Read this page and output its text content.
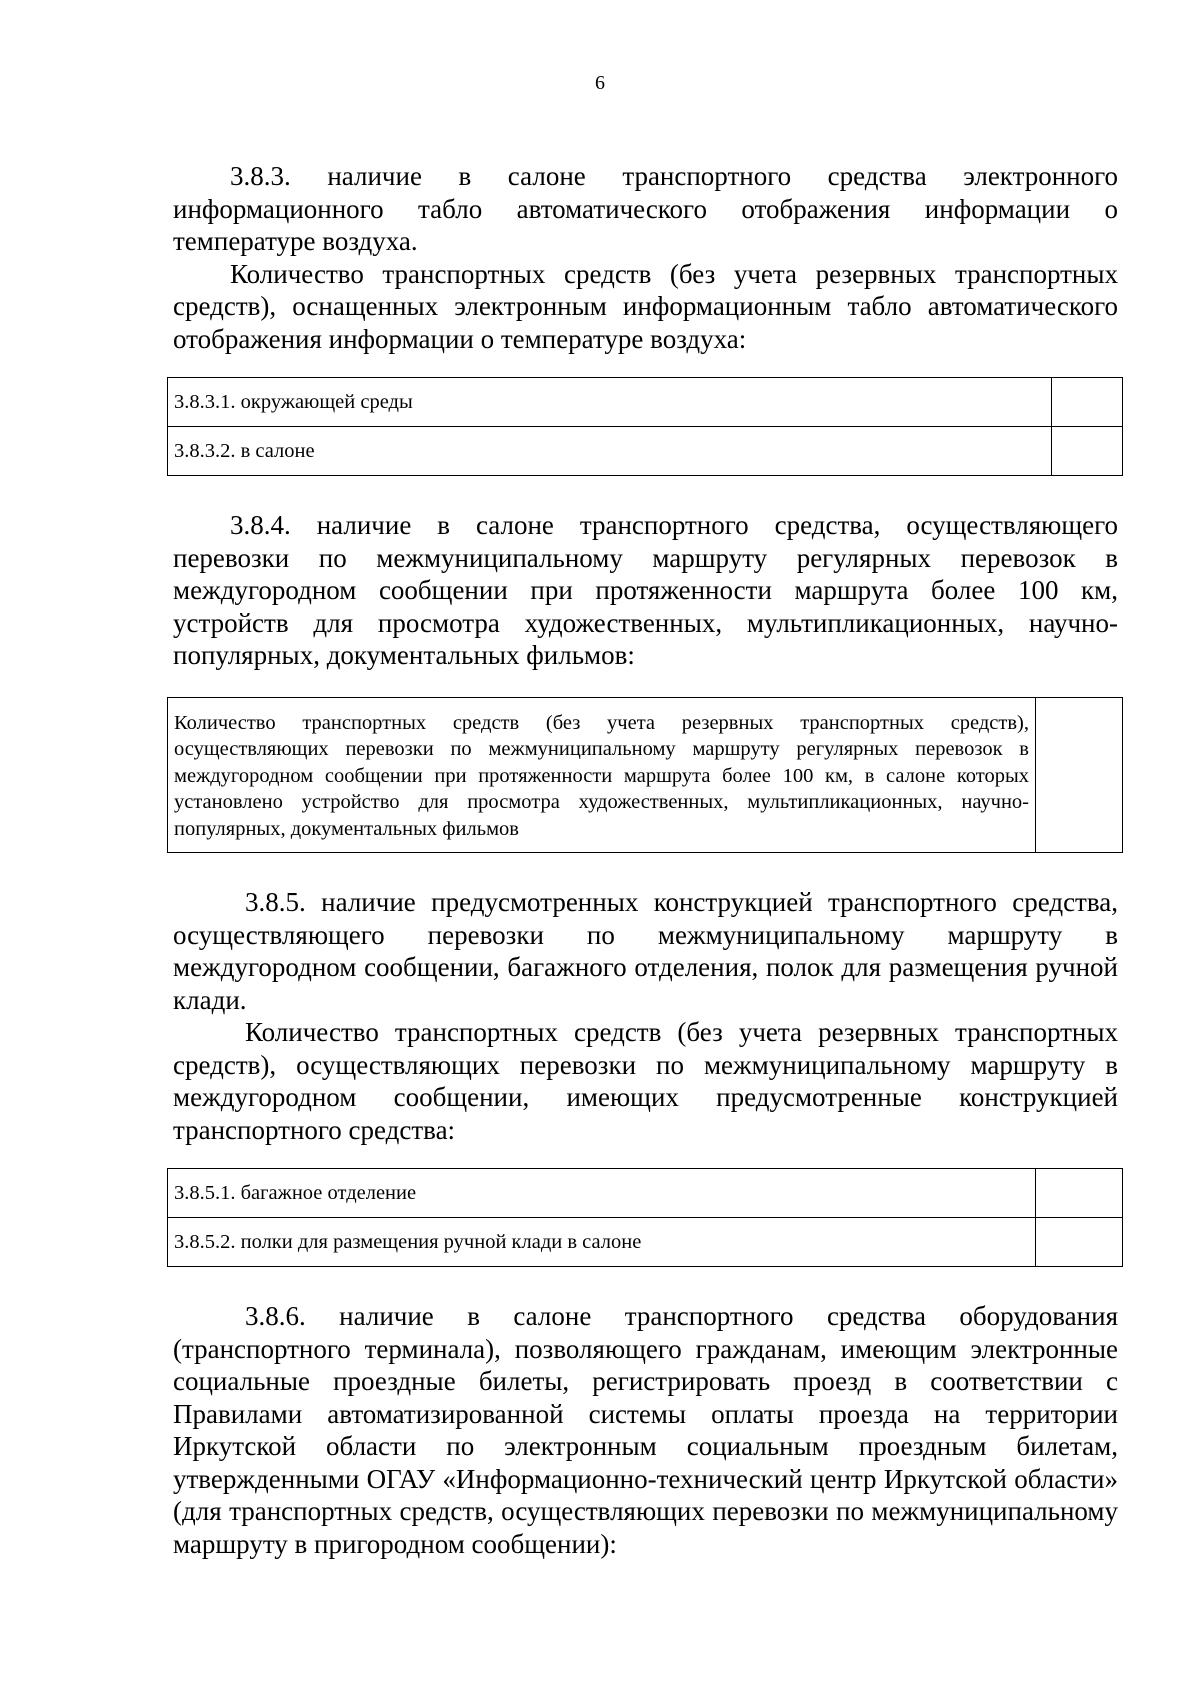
6

3.8.3. наличие в салоне транспортного средства электронного информационного табло автоматического отображения информации о температуре воздуха.

Количество транспортных средств (без учета резервных транспортных средств), оснащенных электронным информационным табло автоматического отображения информации о температуре воздуха:

3.8.3.1. окружающей среды	
3.8.3.2. в салоне	

3.8.4. наличие в салоне транспортного средства, осуществляющего перевозки по межмуниципальному маршруту регулярных перевозок в междугородном сообщении при протяженности маршрута более 100 км, устройств для просмотра художественных, мультипликационных, научно-популярных, документальных фильмов:

Количество транспортных средств (без учета резервных транспортных средств), осуществляющих перевозки по межмуниципальному маршруту регулярных перевозок в междугородном сообщении при протяженности маршрута более 100 км, в салоне которых установлено устройство для просмотра художественных, мультипликационных, научно-популярных, документальных фильмов	

3.8.5. наличие предусмотренных конструкцией транспортного средства, осуществляющего перевозки по межмуниципальному маршруту в междугородном сообщении, багажного отделения, полок для размещения ручной клади.

Количество транспортных средств (без учета резервных транспортных средств), осуществляющих перевозки по межмуниципальному маршруту в междугородном сообщении, имеющих предусмотренные конструкцией транспортного средства:

3.8.5.1. багажное отделение	
3.8.5.2. полки для размещения ручной клади в салоне	

3.8.6. наличие в салоне транспортного средства оборудования (транспортного терминала), позволяющего гражданам, имеющим электронные социальные проездные билеты, регистрировать проезд в соответствии с Правилами автоматизированной системы оплаты проезда на территории Иркутской области по электронным социальным проездным билетам, утвержденными ОГАУ «Информационно-технический центр Иркутской области» (для транспортных средств, осуществляющих перевозки по межмуниципальному маршруту в пригородном сообщении):
